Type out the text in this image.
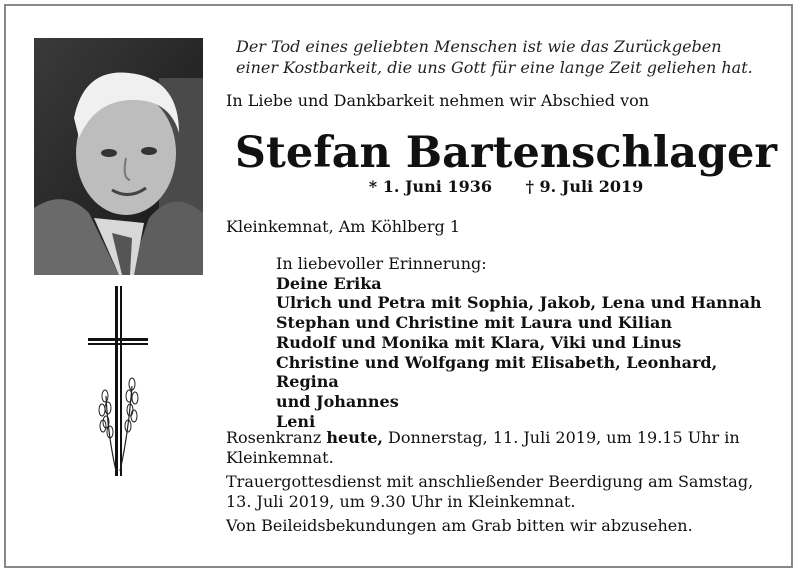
Der Tod eines geliebten Menschen ist wie das Zurückgeben
einer Kostbarkeit, die uns Gott für eine lange Zeit geliehen hat.
In Liebe und Dankbarkeit nehmen wir Abschied von
Stefan Bartenschlager
* 1. Juni 1936 † 9. Juli 2019
Kleinkemnat, Am Köhlberg 1
In liebevoller Erinnerung:
Deine Erika
Ulrich und Petra mit Sophia, Jakob, Lena und Hannah
Stephan und Christine mit Laura und Kilian
Rudolf und Monika mit Klara, Viki und Linus
Christine und Wolfgang mit Elisabeth, Leonhard, Regina
und Johannes
Leni

Rosenkranz heute, Donnerstag, 11. Juli 2019, um 19.15 Uhr in Kleinkemnat.

Trauergottesdienst mit anschließender Beerdigung am Samstag, 13. Juli 2019, um 9.30 Uhr in Kleinkemnat.

Von Beileidsbekundungen am Grab bitten wir abzusehen.
